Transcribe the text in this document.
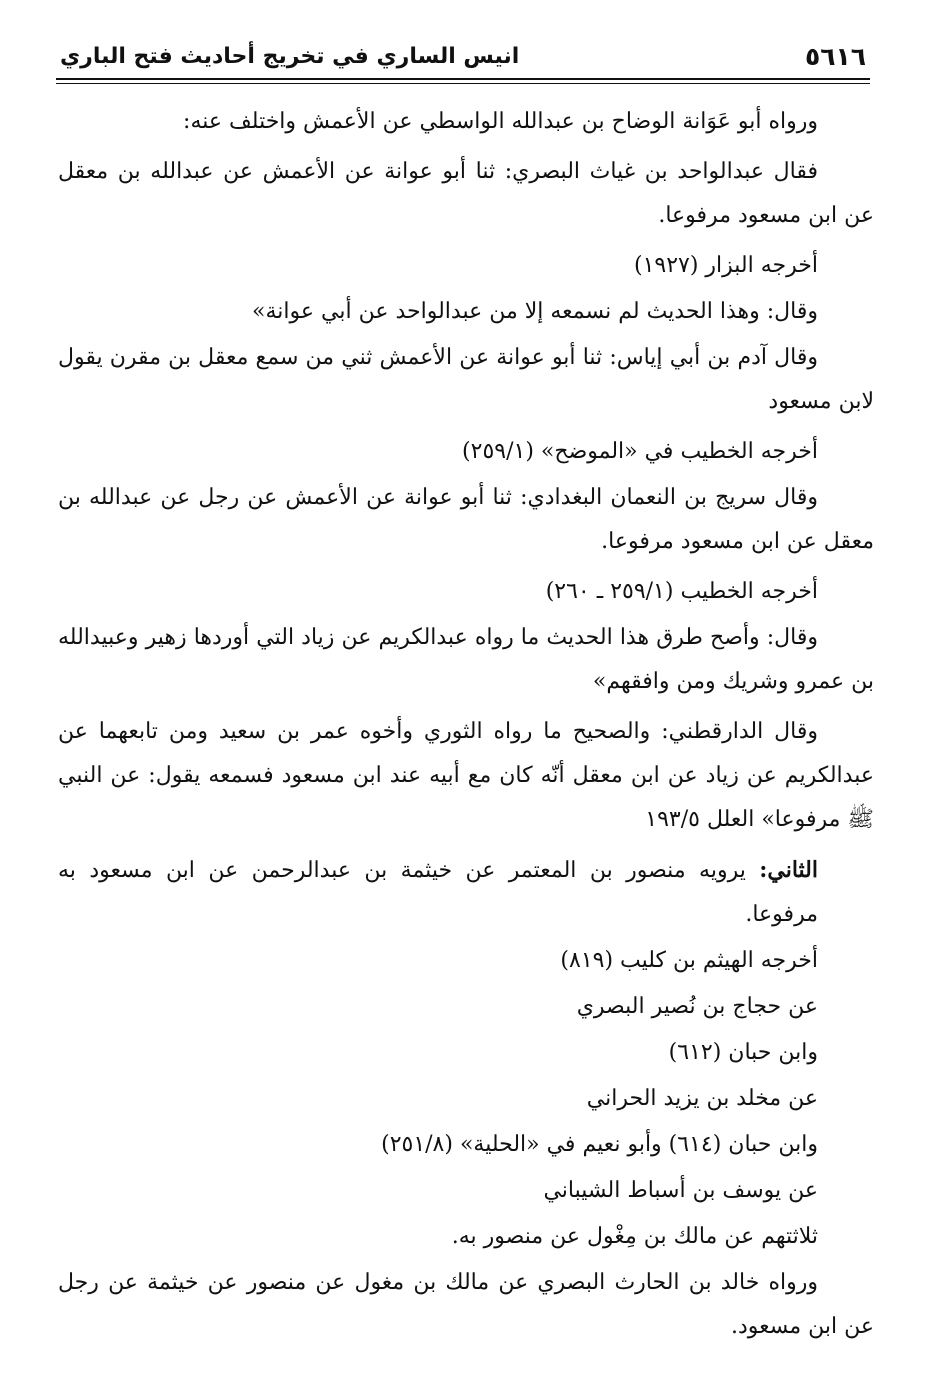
٥٦١٦
انيس الساري في تخريج أحاديث فتح الباري

ورواه أبو عَوَانة الوضاح بن عبدالله الواسطي عن الأعمش واختلف عنه:

فقال عبدالواحد بن غياث البصري: ثنا أبو عوانة عن الأعمش عن عبدالله بن معقل عن ابن مسعود مرفوعا.

أخرجه البزار (١٩٢٧)

وقال: وهذا الحديث لم نسمعه إلا من عبدالواحد عن أبي عوانة»

وقال آدم بن أبي إياس: ثنا أبو عوانة عن الأعمش ثني من سمع معقل بن مقرن يقول لابن مسعود

أخرجه الخطيب في «الموضح» (٢٥٩/١)

وقال سريج بن النعمان البغدادي: ثنا أبو عوانة عن الأعمش عن رجل عن عبدالله بن معقل عن ابن مسعود مرفوعا.

أخرجه الخطيب (٢٥٩/١ ـ ٢٦٠)

وقال: وأصح طرق هذا الحديث ما رواه عبدالكريم عن زياد التي أوردها زهير وعبيدالله بن عمرو وشريك ومن وافقهم»

وقال الدارقطني: والصحيح ما رواه الثوري وأخوه عمر بن سعيد ومن تابعهما عن عبدالكريم عن زياد عن ابن معقل أنّه كان مع أبيه عند ابن مسعود فسمعه يقول: عن النبي ﷺ مرفوعا» العلل ١٩٣/٥

الثاني: يرويه منصور بن المعتمر عن خيثمة بن عبدالرحمن عن ابن مسعود به مرفوعا.

أخرجه الهيثم بن كليب (٨١٩)

عن حجاج بن نُصير البصري

وابن حبان (٦١٢)

عن مخلد بن يزيد الحراني

وابن حبان (٦١٤) وأبو نعيم في «الحلية» (٢٥١/٨)

عن يوسف بن أسباط الشيباني

ثلاثتهم عن مالك بن مِغْول عن منصور به.

ورواه خالد بن الحارث البصري عن مالك بن مغول عن منصور عن خيثمة عن رجل عن ابن مسعود.
